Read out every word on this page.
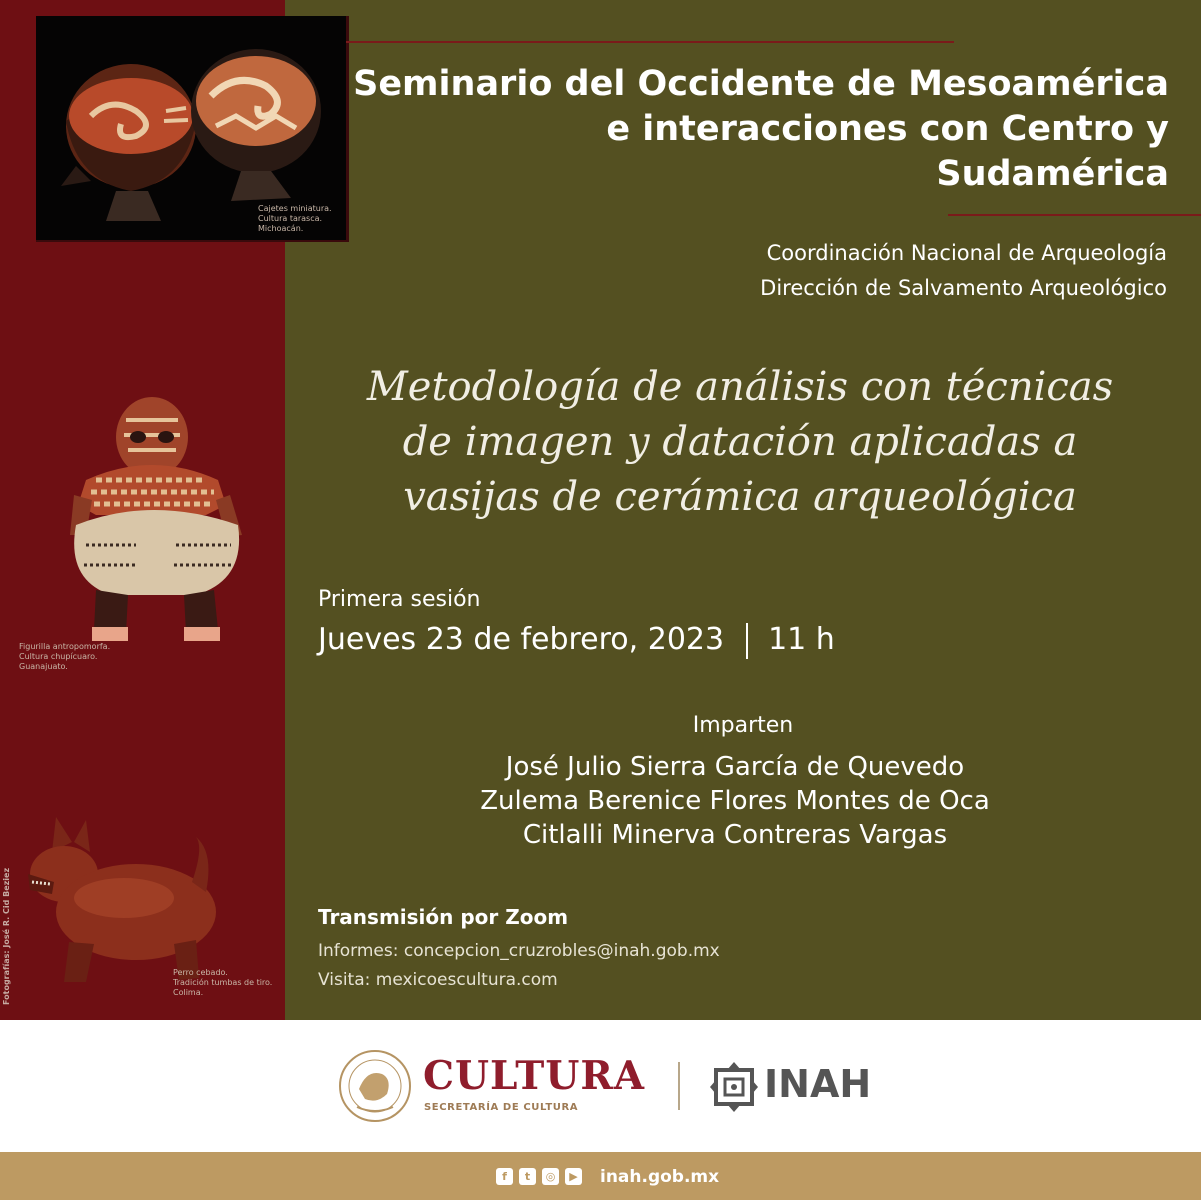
Cajetes miniatura.
Cultura tarasca.
Michoacán.
Figurilla antropomorfa.
Cultura chupícuaro.
Guanajuato.
Perro cebado.
Tradición tumbas de tiro.
Colima.
Fotografías: José R. Cid Beziez
Seminario del Occidente de Mesoamérica
e interacciones con Centro y
Sudamérica
Coordinación Nacional de Arqueología
Dirección de Salvamento Arqueológico
Metodología de análisis con técnicas
de imagen y datación aplicadas a
vasijas de cerámica arqueológica
Primera sesión
Jueves 23 de febrero, 2023 11 h
Imparten
José Julio Sierra García de Quevedo
Zulema Berenice Flores Montes de Oca
Citlalli Minerva Contreras Vargas
Transmisión por Zoom
Informes: concepcion_cruzrobles@inah.gob.mx
Visita: mexicoescultura.com
CULTURA
SECRETARÍA DE CULTURA
INAH
f	t	◎	▶ inah.gob.mx
